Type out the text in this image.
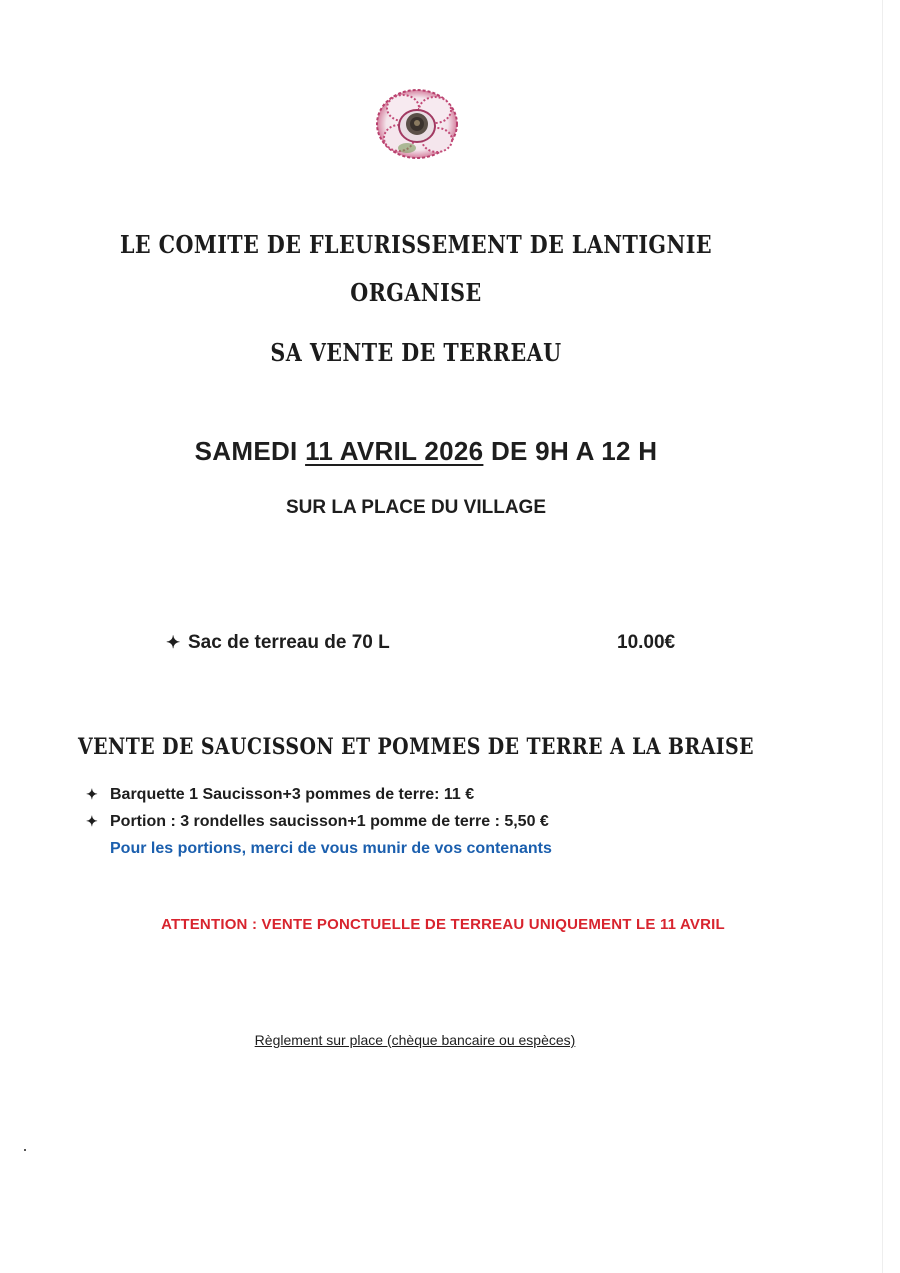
LE COMITE DE FLEURISSEMENT DE LANTIGNIE
ORGANISE
SA VENTE DE TERREAU
SAMEDI 11 AVRIL 2026 DE 9H A 12 H
SUR LA PLACE DU VILLAGE
✦ Sac de terreau de 70 L	10.00€
VENTE DE SAUCISSON ET POMMES DE TERRE A LA BRAISE
✦ Barquette 1 Saucisson+3 pommes de terre: 11 €
✦ Portion : 3 rondelles saucisson+1 pomme de terre : 5,50 €
Pour les portions, merci de vous munir de vos contenants
ATTENTION : VENTE PONCTUELLE DE TERREAU UNIQUEMENT LE 11 AVRIL
Règlement sur place (chèque bancaire ou espèces)
